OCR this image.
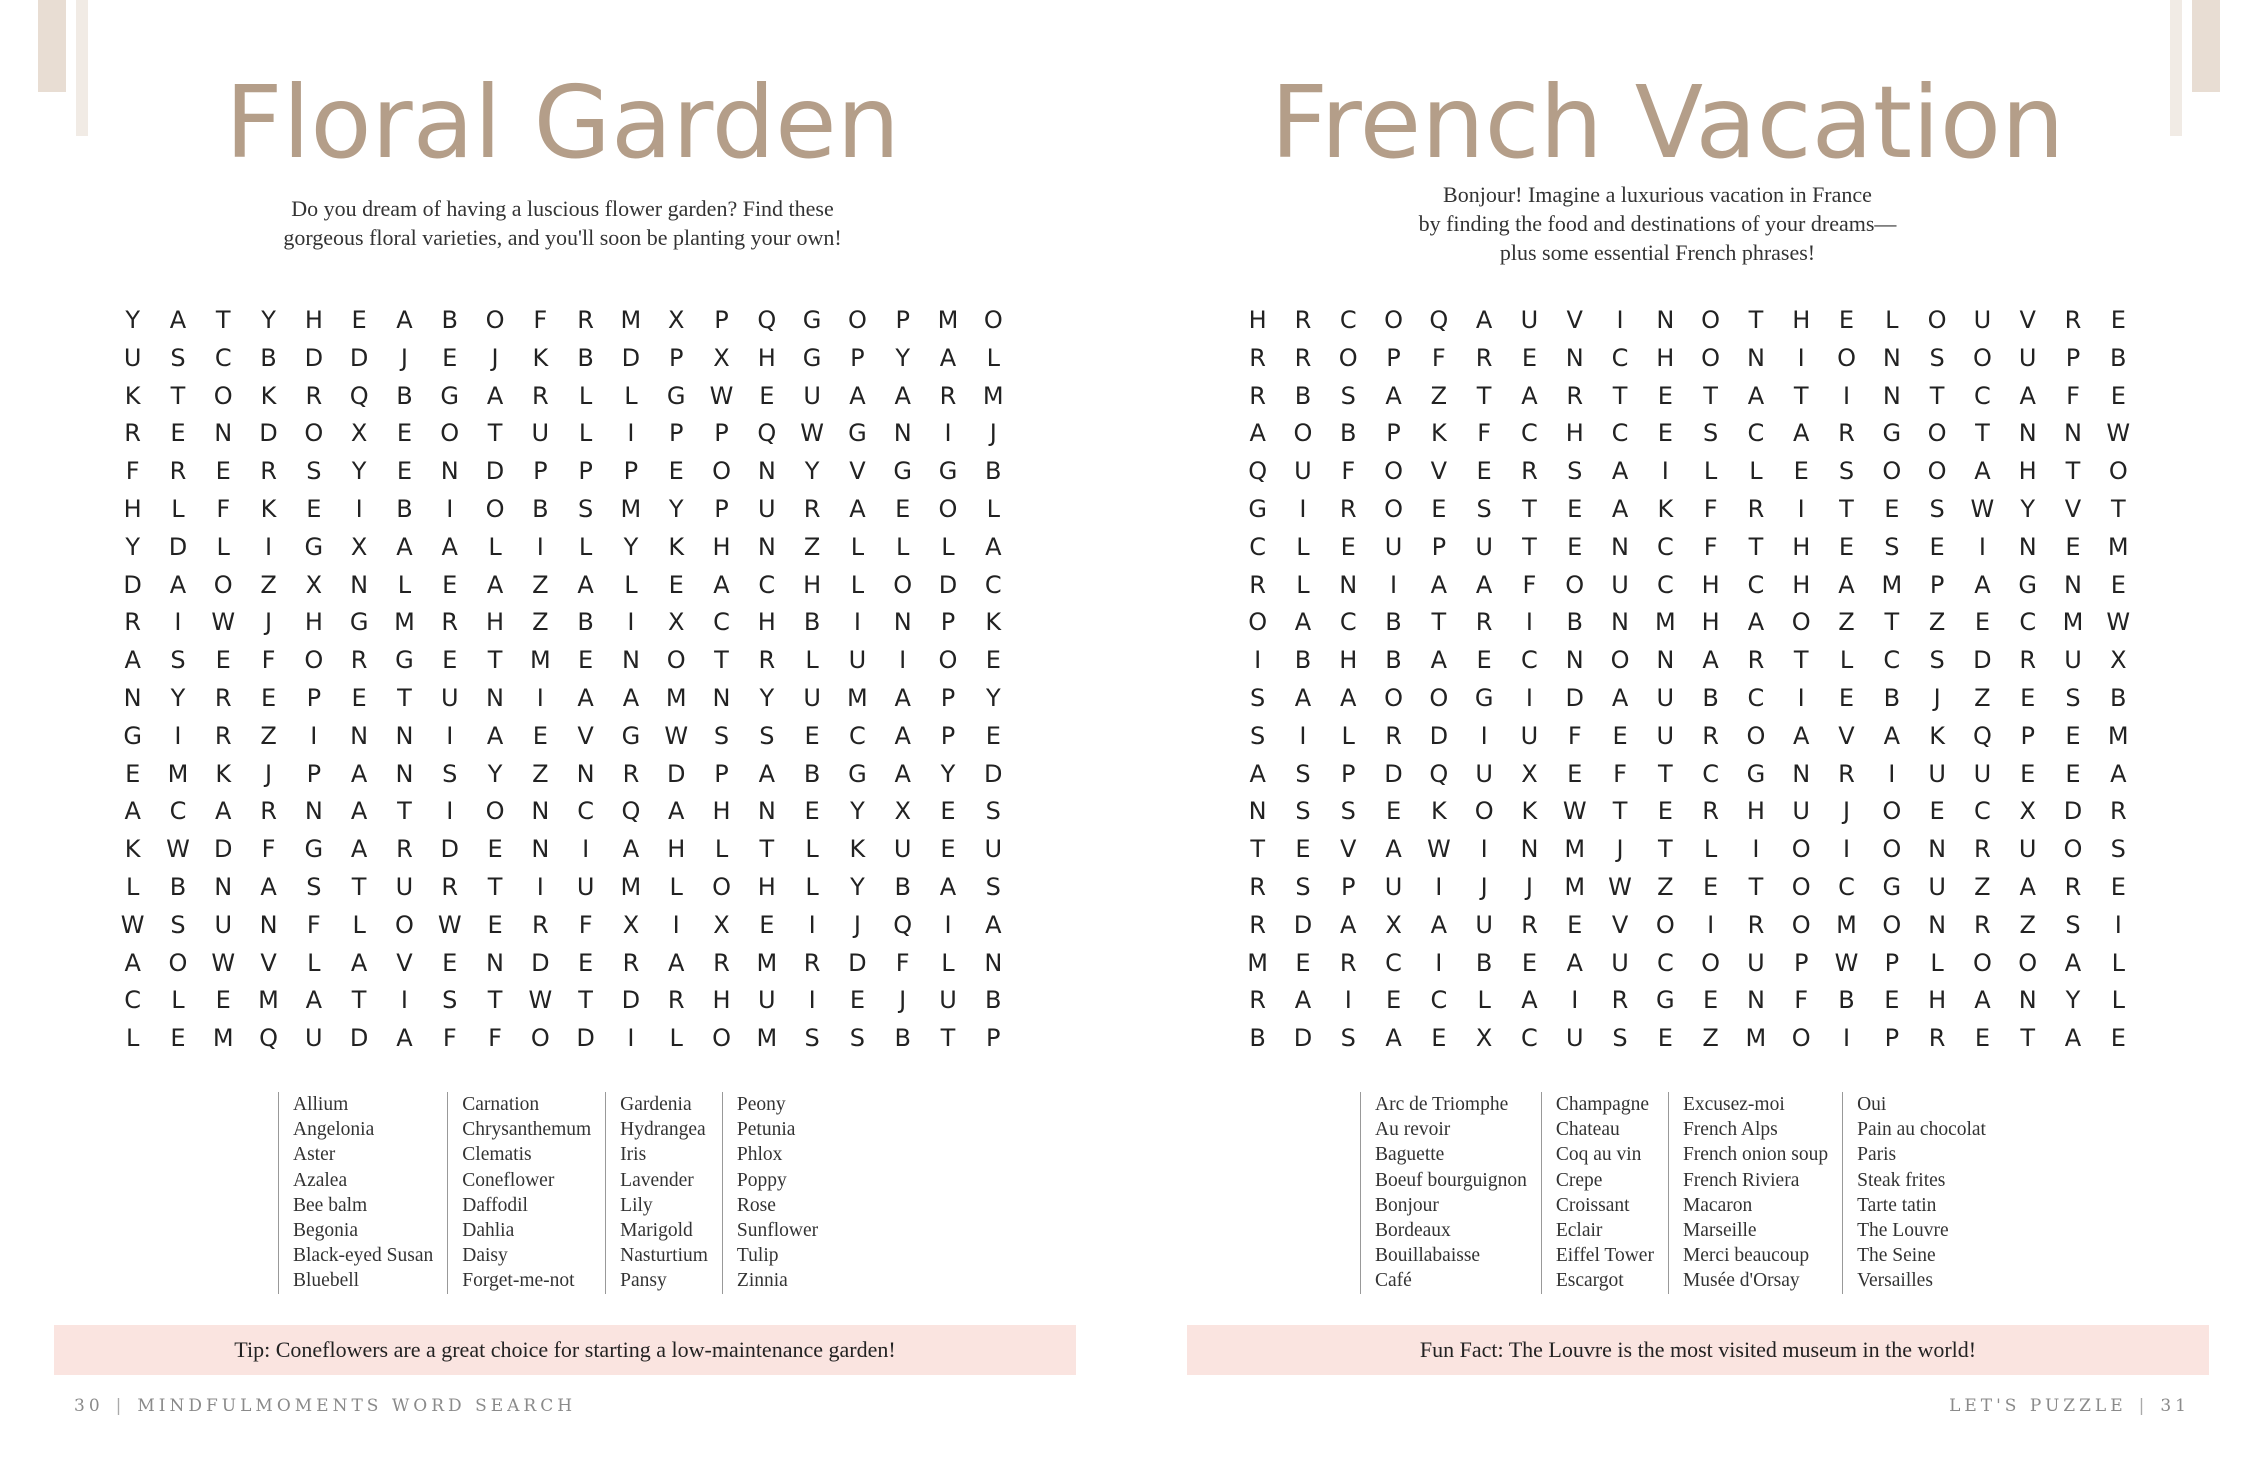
Floral Garden
Do you dream of having a luscious flower garden? Find these
gorgeous floral varieties, and you'll soon be planting your own!
Y	A	T	Y	H	E	A	B	O	F	R	M	X	P	Q	G	O	P	M	O
U	S	C	B	D	D	J	E	J	K	B	D	P	X	H	G	P	Y	A	L
K	T	O	K	R	Q	B	G	A	R	L	L	G	W	E	U	A	A	R	M
R	E	N	D	O	X	E	O	T	U	L	I	P	P	Q W	G	N	I	J
F	R	E	R	S	Y	E	N	D	P	P	P	E	O	N	Y	V	G	G	B
H	L	F	K	E	I	B	I	O	B	S	M	Y	P	U	R	A	E	O	L
Y	D	L	I	G	X	A	A	L	I	L	Y	K	H	N	Z	L	L	L	A
D	A	O	Z	X	N	L	E	A	Z	A	L	E	A	C	H	L	O	D	C
R	I	W	J	H	G	M	R	H	Z	B	I	X	C	H	B	I	N	P	K
A	S	E	F	O	R	G	E	T	M	E	N	O	T	R	L	U	I	O	E
N	Y	R	E	P	E	T	U	N	I	A	A	M	N	Y	U	M	A	P	Y
G	I	R	Z	I	N	N	I	A	E	V	G	W	S	S	E	C	A	P	E
E	M	K	J	P	A	N	S	Y	Z	N	R	D	P	A	B	G	A	Y	D
A	C	A	R	N	A	T	I	O	N	C	Q	A	H	N	E	Y	X	E	S
K	W	D	F	G	A	R	D	E	N	I	A	H	L	T	L	K	U	E	U
L	B	N	A	S	T	U	R	T	I	U	M	L	O	H	L	Y	B	A	S
W	S	U	N	F	L	O W	E	R	F	X	I	X	E	I	J	Q	I	A
A	O W	V	L	A	V	E	N	D	E	R	A	R	M	R	D	F	L	N
C	L	E	M	A	T	I	S	T	W	T	D	R	H	U	I	E	J	U	B
L	E	M	Q	U	D	A	F	F	O	D	I	L	O	M	S	S	B	T	P
Allium
Angelonia
Aster
Azalea
Bee balm
Begonia
Black-eyed Susan
Bluebell
Carnation
Chrysanthemum
Clematis
Coneflower
Daffodil
Dahlia
Daisy
Forget-me-not
Gardenia
Hydrangea
Iris
Lavender
Lily
Marigold
Nasturtium
Pansy
Peony
Petunia
Phlox
Poppy
Rose
Sunflower
Tulip
Zinnia
Tip: Coneflowers are a great choice for starting a low-maintenance garden!
30 | MINDFULMOMENTS WORD SEARCH
French Vacation
Bonjour! Imagine a luxurious vacation in France
by finding the food and destinations of your dreams—
plus some essential French phrases!
H	R	C	O	Q	A	U	V	I	N	O	T	H	E	L	O	U	V	R	E
R	R	O	P	F	R	E	N	C	H	O	N	I	O	N	S	O	U	P	B
R	B	S	A	Z	T	A	R	T	E	T	A	T	I	N	T	C	A	F	E
A	O	B	P	K	F	C	H	C	E	S	C	A	R	G	O	T	N	N	W
Q	U	F	O	V	E	R	S	A	I	L	L	E	S	O	O	A	H	T	O
G	I	R	O	E	S	T	E	A	K	F	R	I	T	E	S	W	Y	V	T
C	L	E	U	P	U	T	E	N	C	F	T	H	E	S	E	I	N	E	M
R	L	N	I	A	A	F	O	U	C	H	C	H	A	M	P	A	G	N	E
O	A	C	B	T	R	I	B	N	M	H	A	O	Z	T	Z	E	C	M W
I	B	H	B	A	E	C	N	O	N	A	R	T	L	C	S	D	R	U	X
S	A	A	O	O	G	I	D	A	U	B	C	I	E	B	J	Z	E	S	B
S	I	L	R	D	I	U	F	E	U	R	O	A	V	A	K	Q	P	E	M
A	S	P	D	Q	U	X	E	F	T	C	G	N	R	I	U	U	E	E	A
N	S	S	E	K	O	K	W	T	E	R	H	U	J	O	E	C	X	D	R
T	E	V	A	W	I	N	M	J	T	L	I	O	I	O	N	R	U	O	S
R	S	P	U	I	J	J	M W	Z	E	T	O	C	G	U	Z	A	R	E
R	D	A	X	A	U	R	E	V	O	I	R	O	M	O	N	R	Z	S	I
M	E	R	C	I	B	E	A	U	C	O	U	P	W	P	L	O	O	A	L
R	A	I	E	C	L	A	I	R	G	E	N	F	B	E	H	A	N	Y	L
B	D	S	A	E	X	C	U	S	E	Z	M	O	I	P	R	E	T	A	E
Arc de Triomphe
Au revoir
Baguette
Boeuf bourguignon
Bonjour
Bordeaux
Bouillabaisse
Café
Champagne
Chateau
Coq au vin
Crepe
Croissant
Eclair
Eiffel Tower
Escargot
Excusez-moi
French Alps
French onion soup
French Riviera
Macaron
Marseille
Merci beaucoup
Musée d'Orsay
Oui
Pain au chocolat
Paris
Steak frites
Tarte tatin
The Louvre
The Seine
Versailles
Fun Fact: The Louvre is the most visited museum in the world!
LET'S PUZZLE | 31
